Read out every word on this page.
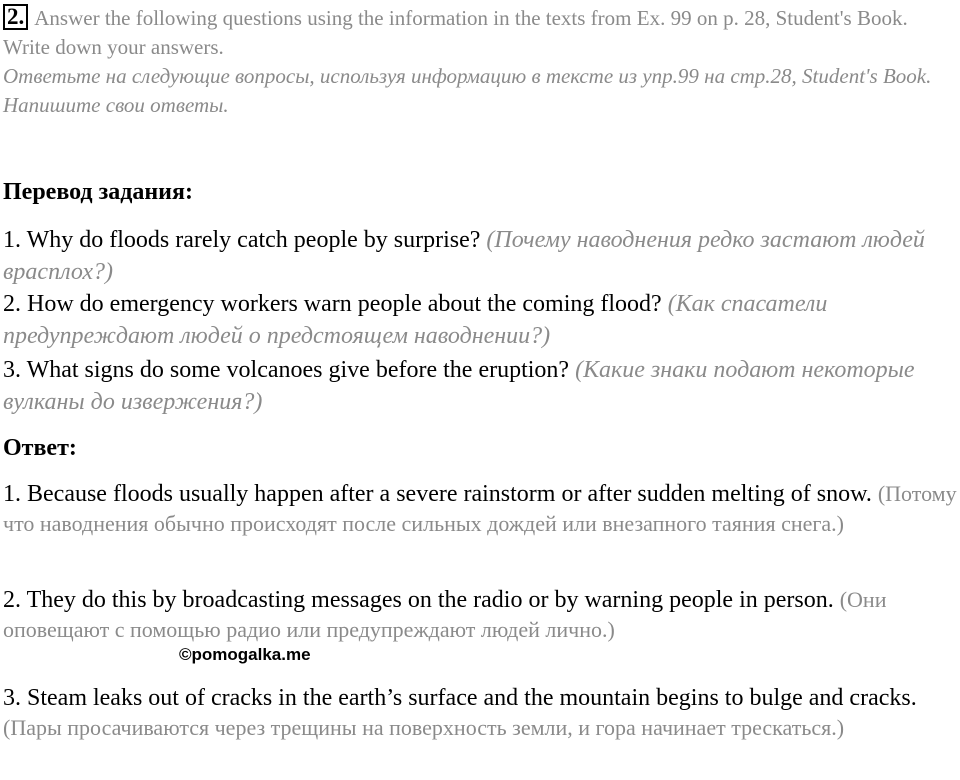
2. Answer the following questions using the information in the texts from Ex. 99 on p. 28, Student's Book. Write down your answers.
Ответьте на следующие вопросы, используя информацию в тексте из упр.99 на стр.28, Student's Book. Напишите свои ответы.
Перевод задания:
1. Why do floods rarely catch people by surprise? (Почему наводнения редко застают людей врасплох?)
2. How do emergency workers warn people about the coming flood? (Как спасатели предупреждают людей о предстоящем наводнении?)
3. What signs do some volcanoes give before the eruption? (Какие знаки подают некоторые вулканы до извержения?)
Ответ:
1. Because floods usually happen after a severe rainstorm or after sudden melting of snow. (Потому что наводнения обычно происходят после сильных дождей или внезапного таяния снега.)
2. They do this by broadcasting messages on the radio or by warning people in person. (Они оповещают с помощью радио или предупреждают людей лично.)
3. Steam leaks out of cracks in the earth’s surface and the mountain begins to bulge and cracks. (Пары просачиваются через трещины на поверхность земли, и гора начинает трескаться.)
©pomogalka.me
